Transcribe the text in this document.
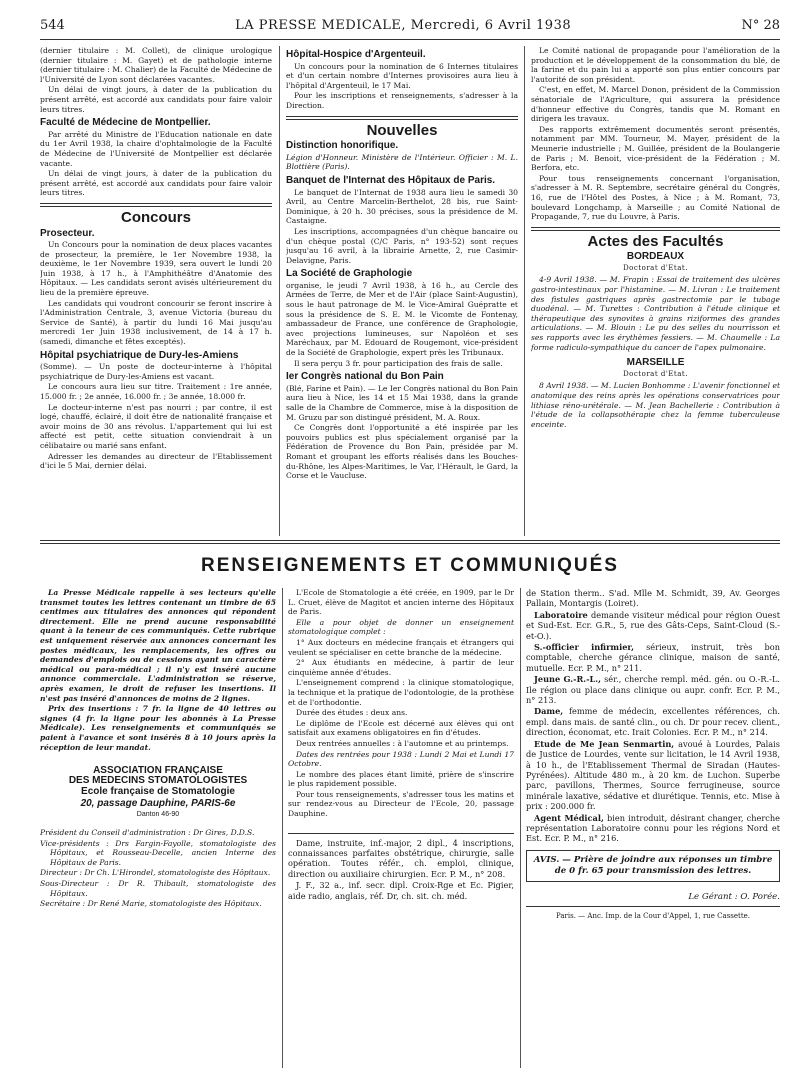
544	LA PRESSE MEDICALE, Mercredi, 6 Avril 1938	N° 28

(dernier titulaire : M. Collet), de clinique urologique (dernier titulaire : M. Gayet) et de pathologie interne (dernier titulaire : M. Chalier) de la Faculté de Médecine de l'Université de Lyon sont déclarées vacantes.

Un délai de vingt jours, à dater de la publication du présent arrêté, est accordé aux candidats pour faire valoir leurs titres.

Faculté de Médecine de Montpellier.

Par arrêté du Ministre de l'Education nationale en date du 1er Avril 1938, la chaire d'ophtalmologie de la Faculté de Médecine de l'Université de Montpellier est déclarée vacante.

Un délai de vingt jours, à dater de la publication du présent arrêté, est accordé aux candidats pour faire valoir leurs titres.

Concours
Prosecteur.

Un Concours pour la nomination de deux places vacantes de prosecteur, la première, le 1er Novembre 1938, la deuxième, le 1er Novembre 1939, sera ouvert le lundi 20 Juin 1938, à 17 h., à l'Amphithéâtre d'Anatomie des Hôpitaux. — Les candidats seront avisés ultérieurement du lieu de la première épreuve.

Les candidats qui voudront concourir se feront inscrire à l'Administration Centrale, 3, avenue Victoria (bureau du Service de Santé), à partir du lundi 16 Mai jusqu'au mercredi 1er Juin 1938 inclusivement, de 14 à 17 h. (samedi, dimanche et fêtes exceptés).

Hôpital psychiatrique de Dury-les-Amiens

(Somme). — Un poste de docteur-interne à l'hôpital psychiatrique de Dury-les-Amiens est vacant.

Le concours aura lieu sur titre. Traitement : 1re année, 15.000 fr. ; 2e année, 16.000 fr. ; 3e année, 18.000 fr.

Le docteur-interne n'est pas nourri ; par contre, il est logé, chauffé, éclairé, il doit être de nationalité française et avoir moins de 30 ans révolus. L'appartement qui lui est affecté est petit, cette situation conviendrait à un célibataire ou marié sans enfant.

Adresser les demandes au directeur de l'Etablissement d'ici le 5 Mai, dernier délai.

Hôpital-Hospice d'Argenteuil.

Un concours pour la nomination de 6 Internes titulaires et d'un certain nombre d'Internes provisoires aura lieu à l'hôpital d'Argenteuil, le 17 Mai.

Pour les inscriptions et renseignements, s'adresser à la Direction.

Nouvelles
Distinction honorifique.

Légion d'Honneur. Ministère de l'Intérieur. Officier : M. L. Blottière (Paris).

Banquet de l'Internat des Hôpitaux de Paris.

Le banquet de l'Internat de 1938 aura lieu le samedi 30 Avril, au Centre Marcelin-Berthelot, 28 bis, rue Saint-Dominique, à 20 h. 30 précises, sous la présidence de M. Castaigne.

Les inscriptions, accompagnées d'un chèque bancaire ou d'un chèque postal (C/C Paris, n° 193-52) sont reçues jusqu'au 16 avril, à la librairie Arnette, 2, rue Casimir-Delavigne, Paris.

La Société de Graphologie

organise, le jeudi 7 Avril 1938, à 16 h., au Cercle des Armées de Terre, de Mer et de l'Air (place Saint-Augustin), sous le haut patronage de M. le Vice-Amiral Guépratte et sous la présidence de S. E. M. le Vicomte de Fontenay, ambassadeur de France, une conférence de Graphologie, avec projections lumineuses, sur Napoléon et ses Maréchaux, par M. Edouard de Rougemont, vice-président de la Société de Graphologie, expert près les Tribunaux.

Il sera perçu 3 fr. pour participation des frais de salle.

Ier Congrès national du Bon Pain

(Blé, Farine et Pain). — Le Ier Congrès national du Bon Pain aura lieu à Nice, les 14 et 15 Mai 1938, dans la grande salle de la Chambre de Commerce, mise à la disposition de M. Gruzu par son distingué président, M. A. Roux.

Ce Congrès dont l'opportunité a été inspirée par les pouvoirs publics est plus spécialement organisé par la Fédération de Provence du Bon Pain, présidée par M. Romant et groupant les efforts réalisés dans les Bouches-du-Rhône, les Alpes-Maritimes, le Var, l'Hérault, le Gard, la Corse et le Vaucluse.

Le Comité national de propagande pour l'amélioration de la production et le développement de la consommation du blé, de la farine et du pain lui a apporté son plus entier concours par l'autorité de son président.

C'est, en effet, M. Marcel Donon, président de la Commission sénatoriale de l'Agriculture, qui assurera la présidence d'honneur effective du Congrès, tandis que M. Romant en dirigera les travaux.

Des rapports extrêmement documentés seront présentés, notamment par MM. Tourneur, M. Mayer, président de la Meunerie industrielle ; M. Guillée, président de la Boulangerie de Paris ; M. Benoit, vice-président de la Fédération ; M. Berfora, etc.

Pour tous renseignements concernant l'organisation, s'adresser à M. R. Septembre, secrétaire général du Congrès, 16, rue de l'Hôtel des Postes, à Nice ; à M. Romant, 73, boulevard Longchamp, à Marseille ; au Comité National de Propagande, 7, rue du Louvre, à Paris.

Actes des Facultés
BORDEAUX
Doctorat d'Etat.

4-9 Avril 1938. — M. Frapin : Essai de traitement des ulcères gastro-intestinaux par l'histamine. — M. Livran : Le traitement des fistules gastriques après gastrectomie par le tubage duodénal. — M. Turettes : Contribution à l'étude clinique et thérapeutique des synovites à grains riziformes des grandes articulations. — M. Blouin : Le pu des selles du nourrisson et ses rapports avec les érythèmes fessiers. — M. Chaumelle : La forme radiculo-sympathique du cancer de l'apex pulmonaire.

MARSEILLE
Doctorat d'Etat.

8 Avril 1938. — M. Lucien Bonhomme : L'avenir fonctionnel et anatomique des reins après les opérations conservatrices pour lithiase réno-urétérale. — M. Jean Bachellerie : Contribution à l'étude de la collapsothérapie chez la femme tuberculeuse enceinte.

RENSEIGNEMENTS ET COMMUNIQUÉS

La Presse Médicale rappelle à ses lecteurs qu'elle transmet toutes les lettres contenant un timbre de 65 centimes aux titulaires des annonces qui répondent directement. Elle ne prend aucune responsabilité quant à la teneur de ces communiqués. Cette rubrique est uniquement réservée aux annonces concernant les postes médicaux, les remplacements, les offres ou demandes d'emplois ou de cessions ayant un caractère médical ou para-médical ; il n'y est inséré aucune annonce commerciale. L'administration se réserve, après examen, le droit de refuser les insertions. Il n'est pas inséré d'annonces de moins de 2 lignes.

Prix des insertions : 7 fr. la ligne de 40 lettres ou signes (4 fr. la ligne pour les abonnés à La Presse Médicale). Les renseignements et communiqués se paient à l'avance et sont insérés 8 à 10 jours après la réception de leur mandat.

ASSOCIATION FRANÇAISE
DES MEDECINS STOMATOLOGISTES
Ecole française de Stomatologie
20, passage Dauphine, PARIS-6e
Danton 46-90

Président du Conseil d'administration : Dr Gires, D.D.S.

Vice-présidents : Drs Fargin-Fayolle, stomatologiste des Hôpitaux, et Rousseau-Decelle, ancien Interne des Hôpitaux de Paris.

Directeur : Dr Ch. L'Hirondel, stomatologiste des Hôpitaux.

Sous-Directeur : Dr R. Thibault, stomatologiste des Hôpitaux.

Secrétaire : Dr René Marie, stomatologiste des Hôpitaux.

L'Ecole de Stomatologie a été créée, en 1909, par le Dr L. Cruet, élève de Magitot et ancien interne des Hôpitaux de Paris.

Elle a pour objet de donner un enseignement stomatologique complet :

1° Aux docteurs en médecine français et étrangers qui veulent se spécialiser en cette branche de la médecine.

2° Aux étudiants en médecine, à partir de leur cinquième année d'études.

L'enseignement comprend : la clinique stomatologique, la technique et la pratique de l'odontologie, de la prothèse et de l'orthodontie.

Durée des études : deux ans.

Le diplôme de l'Ecole est décerné aux élèves qui ont satisfait aux examens obligatoires en fin d'études.

Deux rentrées annuelles : à l'automne et au printemps.

Dates des rentrées pour 1938 : Lundi 2 Mai et Lundi 17 Octobre.

Le nombre des places étant limité, prière de s'inscrire le plus rapidement possible.

Pour tous renseignements, s'adresser tous les matins et sur rendez-vous au Directeur de l'Ecole, 20, passage Dauphine.

Dame, instruite, inf.-major, 2 dipl., 4 inscriptions, connaissances parfaites obstétrique, chirurgie, salle opération. Toutes référ., ch. emploi, clinique, direction ou auxiliaire chirurgien. Ecr. P. M., n° 208.

J. F., 32 a., inf. secr. dipl. Croix-Rge et Ec. Pigier, aide radio, anglais, réf. Dr, ch. sit. ch. méd.

de Station therm.. S'ad. Mlle M. Schmidt, 39, Av. Georges Pallain, Montargis (Loiret).

Laboratoire demande visiteur médical pour région Ouest et Sud-Est. Ecr. G.R., 5, rue des Gâts-Ceps, Saint-Cloud (S.-et-O.).

S.-officier infirmier, sérieux, instruit, très bon comptable, cherche gérance clinique, maison de santé, mutuelle. Ecr. P. M., n° 211.

Jeune G.-R.-L., sér., cherche rempl. méd. gén. ou O.-R.-L. Ile région ou place dans clinique ou aupr. confr. Ecr. P. M., n° 213.

Dame, femme de médecin, excellentes références, ch. empl. dans mais. de santé clin., ou ch. Dr pour recev. client., direction, économat, etc. Irait Colonies. Ecr. P. M., n° 214.

Etude de Me Jean Senmartin, avoué à Lourdes, Palais de Justice de Lourdes, vente sur licitation, le 14 Avril 1938, à 10 h., de l'Etablissement Thermal de Siradan (Hautes-Pyrénées). Altitude 480 m., à 20 km. de Luchon. Superbe parc, pavillons, Thermes, Source ferrugineuse, source minérale laxative, sédative et diurétique. Tennis, etc. Mise à prix : 200.000 fr.

Agent Médical, bien introduit, désirant changer, cherche représentation Laboratoire connu pour les régions Nord et Est. Ecr. P. M., n° 216.

AVIS. — Prière de joindre aux réponses un timbre de 0 fr. 65 pour transmission des lettres.
Le Gérant : O. Porée.
Paris. — Anc. Imp. de la Cour d'Appel, 1, rue Cassette.
